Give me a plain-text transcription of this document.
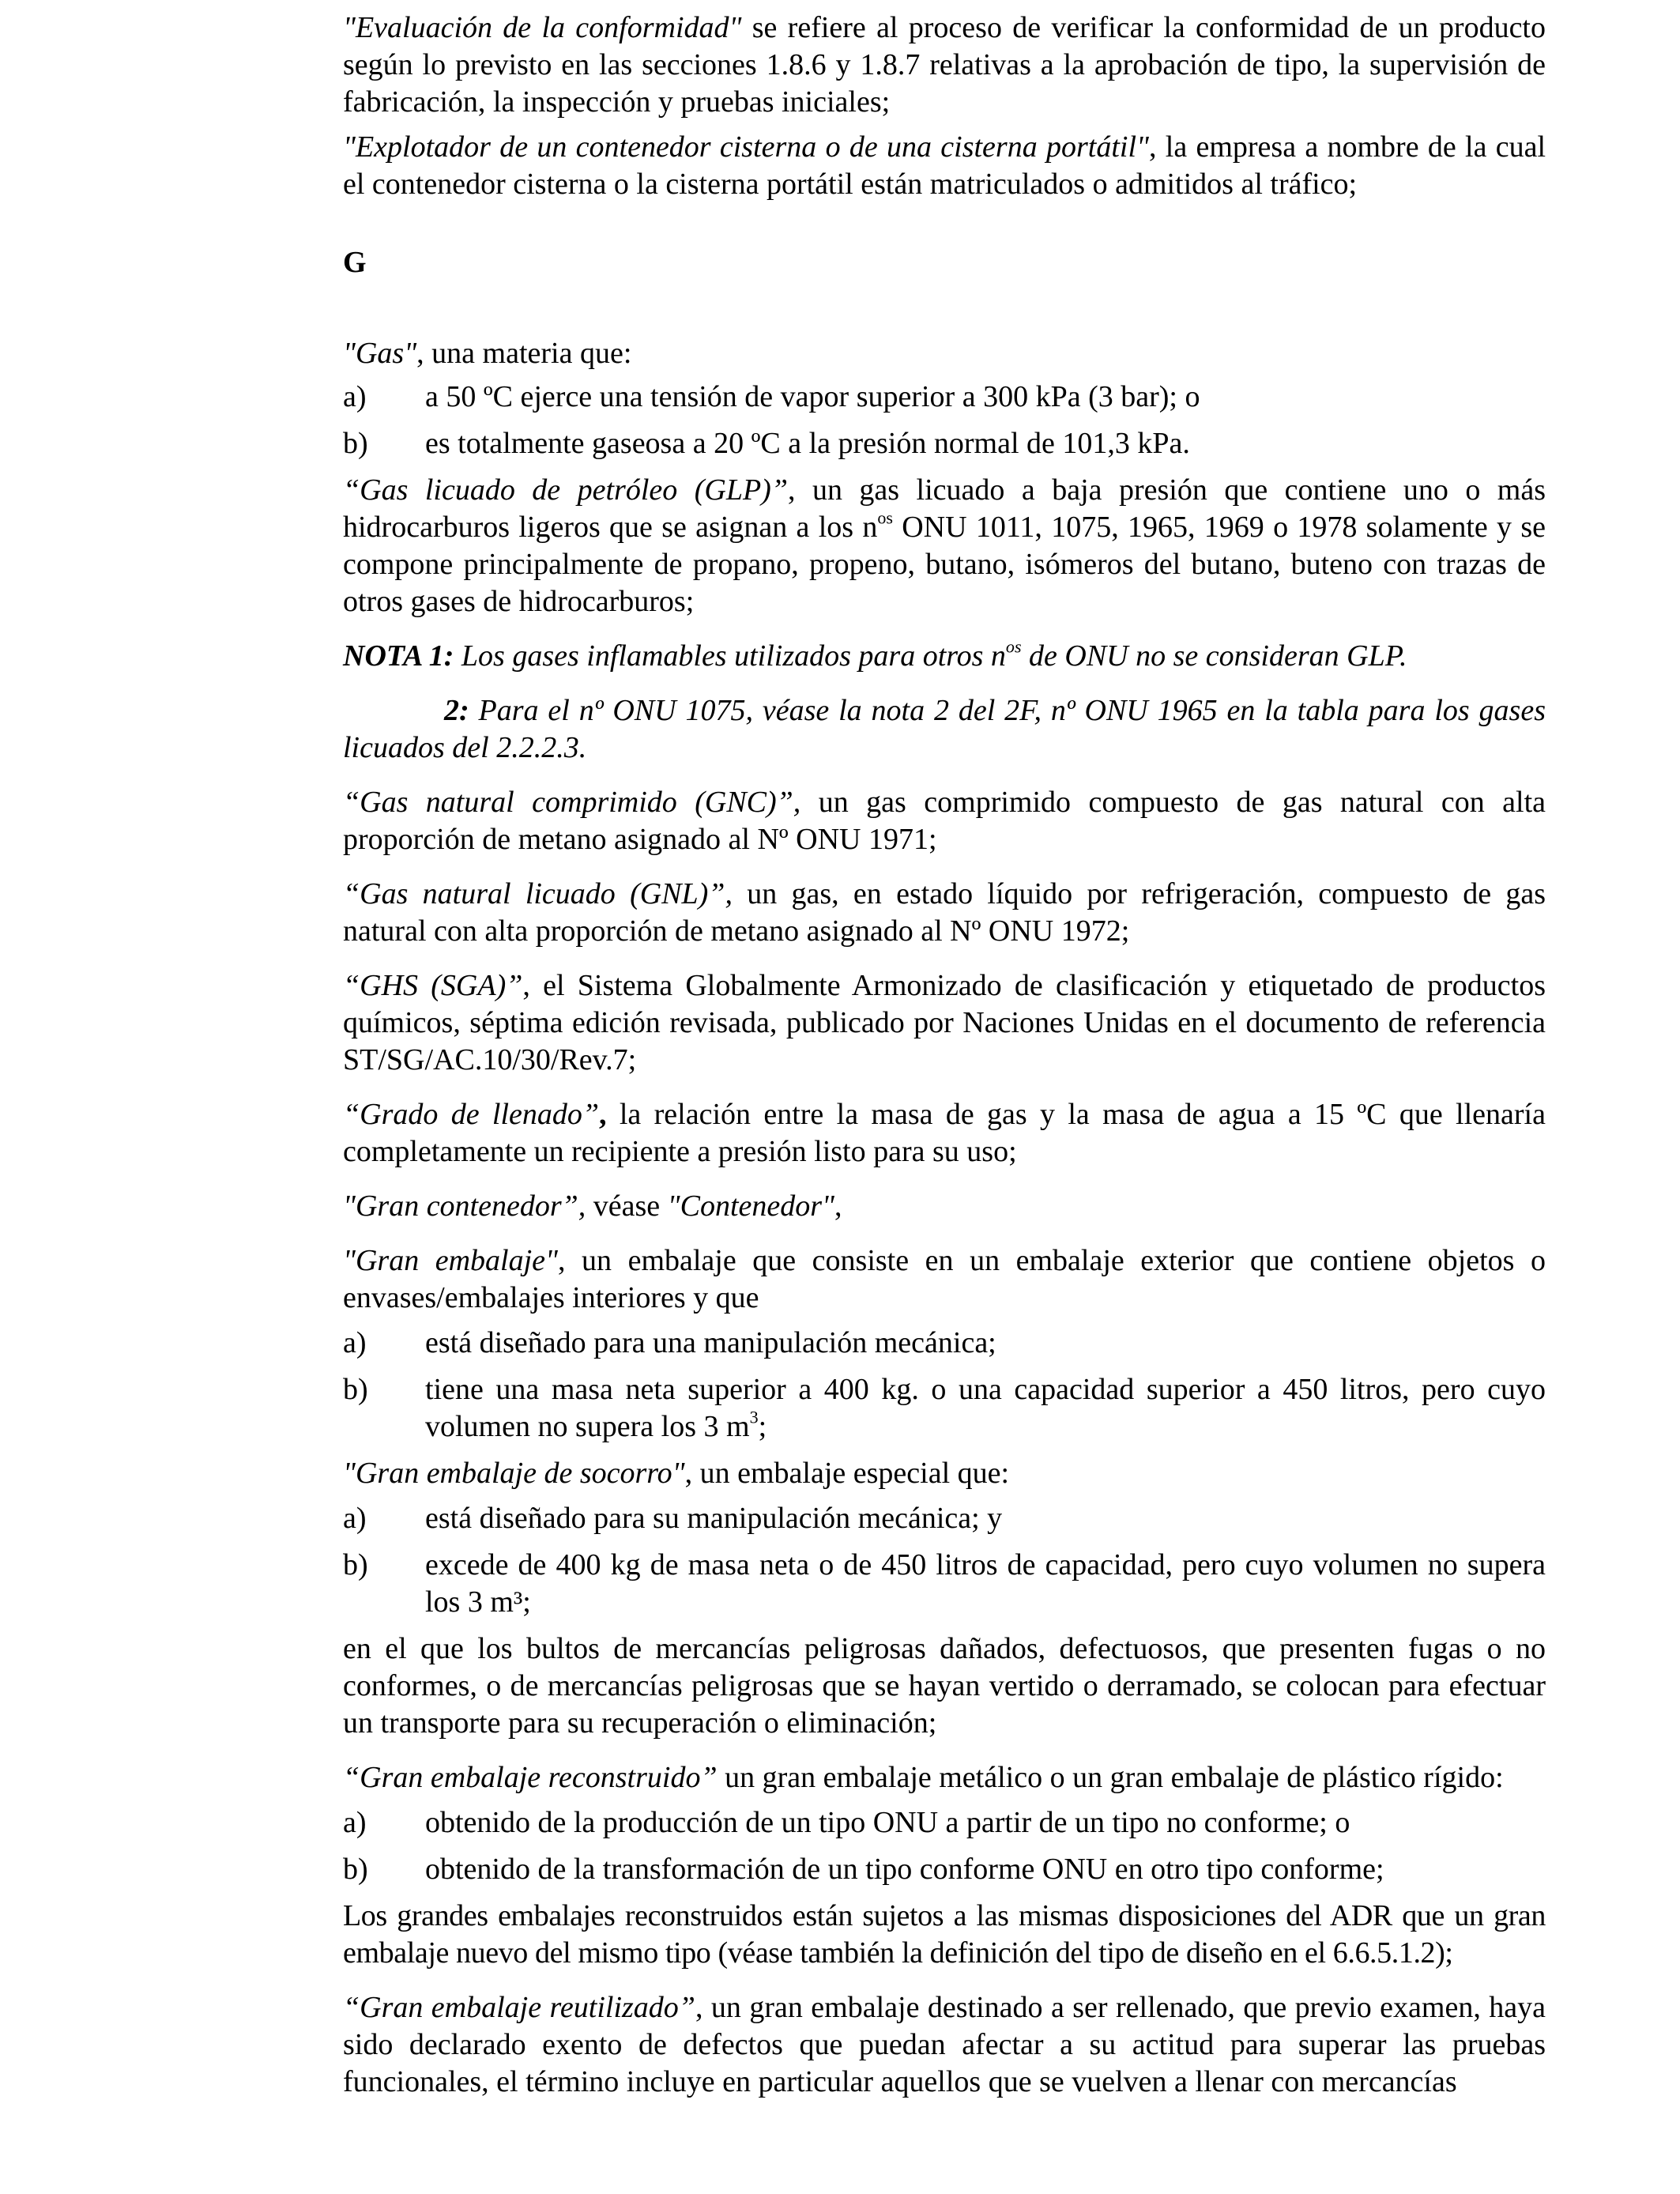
"Evaluación de la conformidad" se refiere al proceso de verificar la conformidad de un producto según lo previsto en las secciones 1.8.6 y 1.8.7 relativas a la aprobación de tipo, la supervisión de fabricación, la inspección y pruebas iniciales;

"Explotador de un contenedor cisterna o de una cisterna portátil", la empresa a nombre de la cual el contenedor cisterna o la cisterna portátil están matriculados o admitidos al tráfico;

G

"Gas", una materia que:

a)	a 50 ºC ejerce una tensión de vapor superior a 300 kPa (3 bar); o
b)	es totalmente gaseosa a 20 ºC a la presión normal de 101,3 kPa.

“Gas licuado de petróleo (GLP)”, un gas licuado a baja presión que contiene uno o más hidrocarburos ligeros que se asignan a los $n^{os}$ ONU 1011, 1075, 1965, 1969 o 1978 solamente y se compone principalmente de propano, propeno, butano, isómeros del butano, buteno con trazas de otros gases de hidrocarburos;

NOTA 1: Los gases inflamables utilizados para otros $n^{os}$ de ONU no se consideran GLP.

2: Para el nº ONU 1075, véase la nota 2 del 2F, nº ONU 1965 en la tabla para los gases licuados del 2.2.2.3.

“Gas natural comprimido (GNC)”, un gas comprimido compuesto de gas natural con alta proporción de metano asignado al Nº ONU 1971;

“Gas natural licuado (GNL)”, un gas, en estado líquido por refrigeración, compuesto de gas natural con alta proporción de metano asignado al Nº ONU 1972;

“GHS (SGA)”, el Sistema Globalmente Armonizado de clasificación y etiquetado de productos químicos, séptima edición revisada, publicado por Naciones Unidas en el documento de referencia ST/SG/AC.10/30/Rev.7;

“Grado de llenado”, la relación entre la masa de gas y la masa de agua a 15 ºC que llenaría completamente un recipiente a presión listo para su uso;

"Gran contenedor”, véase "Contenedor",

"Gran embalaje", un embalaje que consiste en un embalaje exterior que contiene objetos o envases/embalajes interiores y que

a)	está diseñado para una manipulación mecánica;
b)	tiene una masa neta superior a 400 kg. o una capacidad superior a 450 litros, pero cuyo volumen no supera los 3 $m^3$;

"Gran embalaje de socorro", un embalaje especial que:

a)	está diseñado para su manipulación mecánica; y
b)	excede de 400 kg de masa neta o de 450 litros de capacidad, pero cuyo volumen no supera los 3 m³;

en el que los bultos de mercancías peligrosas dañados, defectuosos, que presenten fugas o no conformes, o de mercancías peligrosas que se hayan vertido o derramado, se colocan para efectuar un transporte para su recuperación o eliminación;

“Gran embalaje reconstruido” un gran embalaje metálico o un gran embalaje de plástico rígido:

a)	obtenido de la producción de un tipo ONU a partir de un tipo no conforme; o
b)	obtenido de la transformación de un tipo conforme ONU en otro tipo conforme;

Los grandes embalajes reconstruidos están sujetos a las mismas disposiciones del ADR que un gran embalaje nuevo del mismo tipo (véase también la definición del tipo de diseño en el 6.6.5.1.2);

“Gran embalaje reutilizado”, un gran embalaje destinado a ser rellenado, que previo examen, haya sido declarado exento de defectos que puedan afectar a su actitud para superar las pruebas funcionales, el término incluye en particular aquellos que se vuelven a llenar con mercancías
